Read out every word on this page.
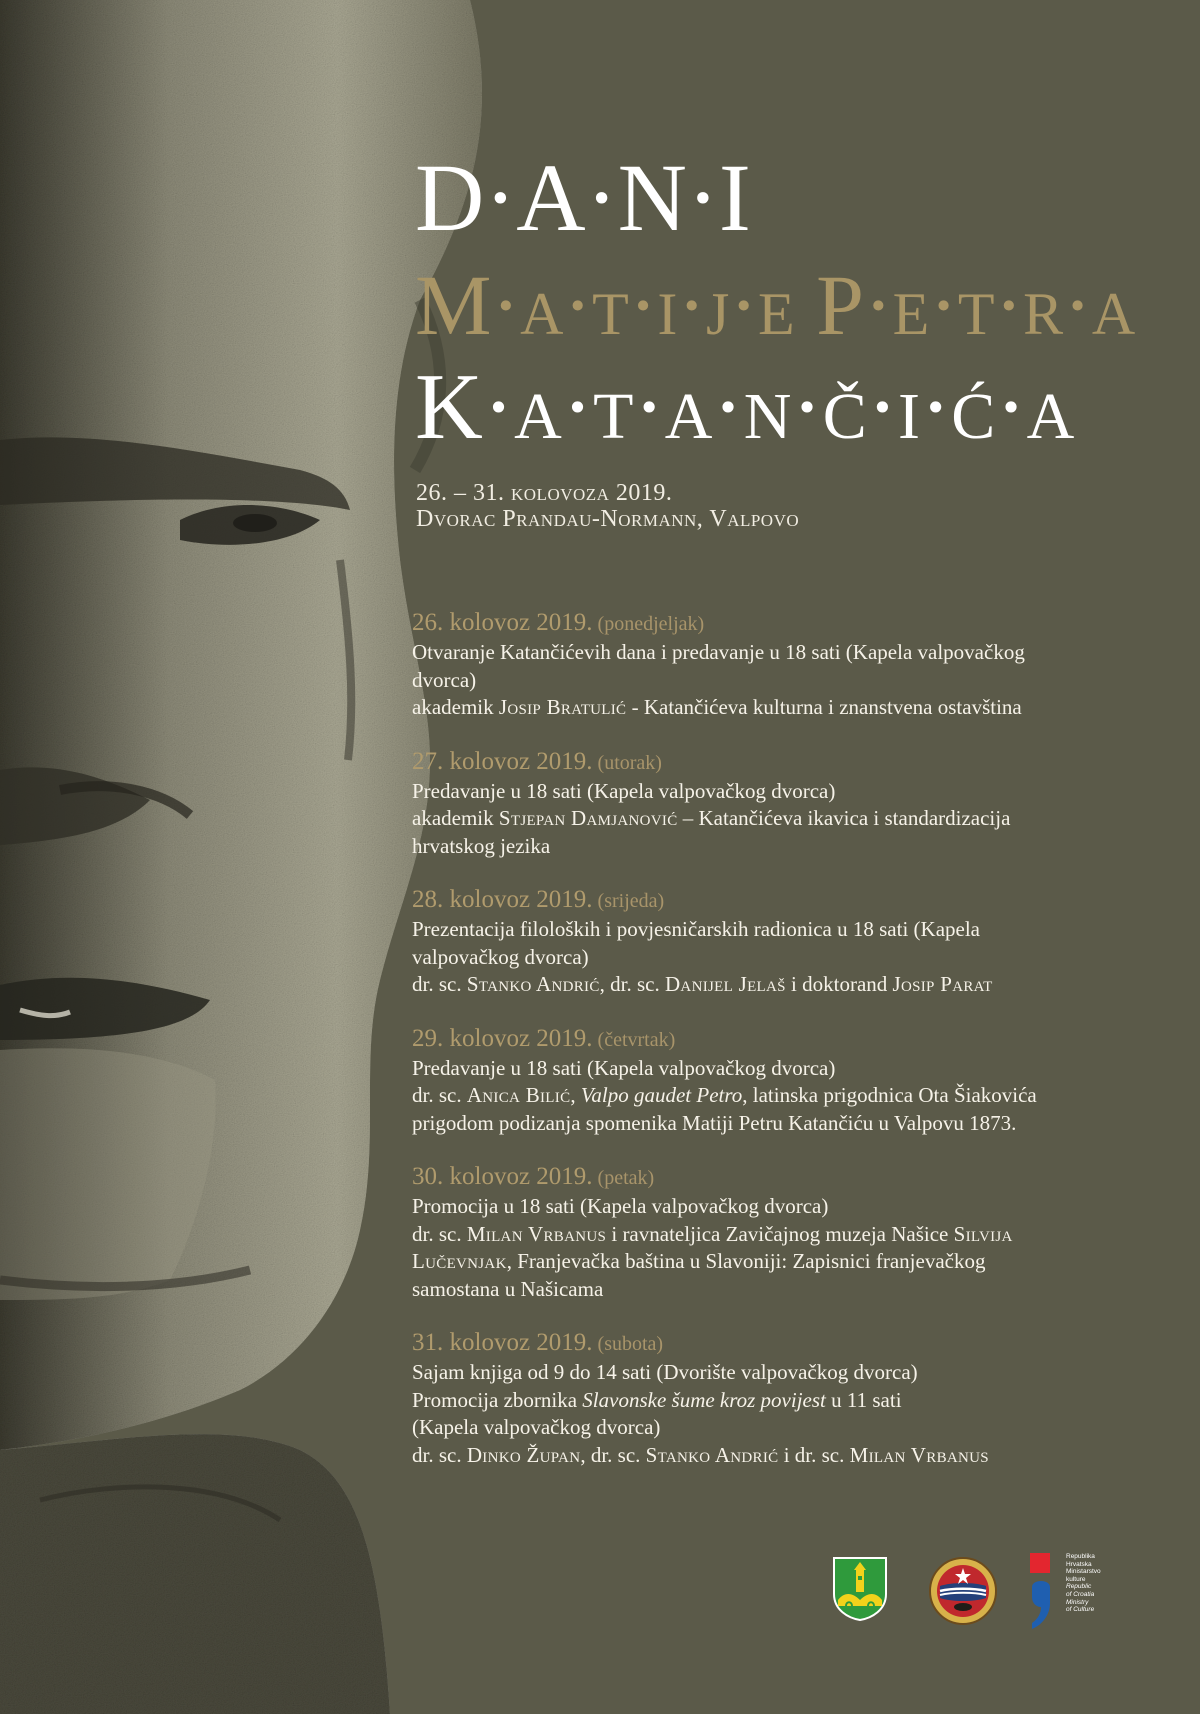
D·A·N·I
M·a·t·i·j·e P·e·t·r·a
K·a·t·a·n·č·i·ć·a
26. – 31. kolovoza 2019.
Dvorac Prandau-Normann, Valpovo
26. kolovoz 2019. (ponedjeljak)
Otvaranje Katančićevih dana i predavanje u 18 sati (Kapela valpovačkog
dvorca)
akademik Josip Bratulić - Katančićeva kulturna i znanstvena ostavština
27. kolovoz 2019. (utorak)
Predavanje u 18 sati (Kapela valpovačkog dvorca)
akademik Stjepan Damjanović – Katančićeva ikavica i standardizacija
hrvatskog jezika
28. kolovoz 2019. (srijeda)
Prezentacija filoloških i povjesničarskih radionica u 18 sati (Kapela
valpovačkog dvorca)
dr. sc. Stanko Andrić, dr. sc. Danijel Jelaš i doktorand Josip Parat
29. kolovoz 2019. (četvrtak)
Predavanje u 18 sati (Kapela valpovačkog dvorca)
dr. sc. Anica Bilić, Valpo gaudet Petro, latinska prigodnica Ota Šiakovića
prigodom podizanja spomenika Matiji Petru Katančiću u Valpovu 1873.
30. kolovoz 2019. (petak)
Promocija u 18 sati (Kapela valpovačkog dvorca)
dr. sc. Milan Vrbanus i ravnateljica Zavičajnog muzeja Našice Silvija
Lučevnjak, Franjevačka baština u Slavoniji: Zapisnici franjevačkog
samostana u Našicama
31. kolovoz 2019. (subota)
Sajam knjiga od 9 do 14 sati (Dvorište valpovačkog dvorca)
Promocija zbornika Slavonske šume kroz povijest u 11 sati
(Kapela valpovačkog dvorca)
dr. sc. Dinko Župan, dr. sc. Stanko Andrić i dr. sc. Milan Vrbanus
Republika
Hrvatska
Ministarstvo
kulture
Republic
of Croatia
Ministry
of Culture
